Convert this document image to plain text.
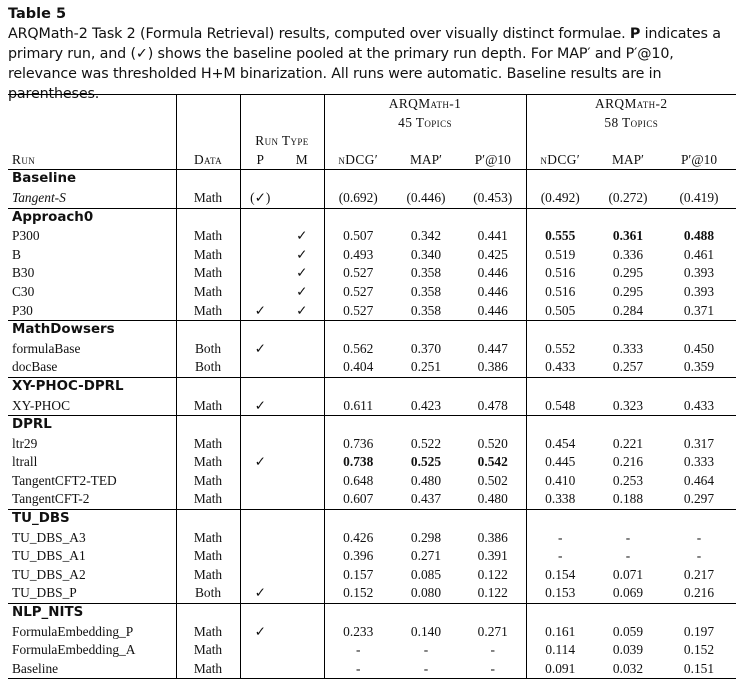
Table 5
ARQMath-2 Task 2 (Formula Retrieval) results, computed over visually distinct formulae. P indicates a primary run, and (✓) shows the baseline pooled at the primary run depth. For MAP′ and P′@10, relevance was thresholded H+M binarization. All runs were automatic. Baseline results are in parentheses.

				ARQMath-1			ARQMath-2		
				45 Topics			58 Topics		
		Run Type							
Run	Data	P	M	nDCG′	MAP′	P′@10	nDCG′	MAP′	P′@10
Baseline									
Tangent-S	Math	(✓)		(0.692)	(0.446)	(0.453)	(0.492)	(0.272)	(0.419)
Approach0									
P300	Math		✓	0.507	0.342	0.441	0.555	0.361	0.488
B	Math		✓	0.493	0.340	0.425	0.519	0.336	0.461
B30	Math		✓	0.527	0.358	0.446	0.516	0.295	0.393
C30	Math		✓	0.527	0.358	0.446	0.516	0.295	0.393
P30	Math	✓	✓	0.527	0.358	0.446	0.505	0.284	0.371
MathDowsers									
formulaBase	Both	✓		0.562	0.370	0.447	0.552	0.333	0.450
docBase	Both			0.404	0.251	0.386	0.433	0.257	0.359
XY-PHOC-DPRL									
XY-PHOC	Math	✓		0.611	0.423	0.478	0.548	0.323	0.433
DPRL									
ltr29	Math			0.736	0.522	0.520	0.454	0.221	0.317
ltrall	Math	✓		0.738	0.525	0.542	0.445	0.216	0.333
TangentCFT2-TED	Math			0.648	0.480	0.502	0.410	0.253	0.464
TangentCFT-2	Math			0.607	0.437	0.480	0.338	0.188	0.297
TU_DBS									
TU_DBS_A3	Math			0.426	0.298	0.386	-	-	-
TU_DBS_A1	Math			0.396	0.271	0.391	-	-	-
TU_DBS_A2	Math			0.157	0.085	0.122	0.154	0.071	0.217
TU_DBS_P	Both	✓		0.152	0.080	0.122	0.153	0.069	0.216
NLP_NITS									
FormulaEmbedding_P	Math	✓		0.233	0.140	0.271	0.161	0.059	0.197
FormulaEmbedding_A	Math			-	-	-	0.114	0.039	0.152
Baseline	Math			-	-	-	0.091	0.032	0.151
